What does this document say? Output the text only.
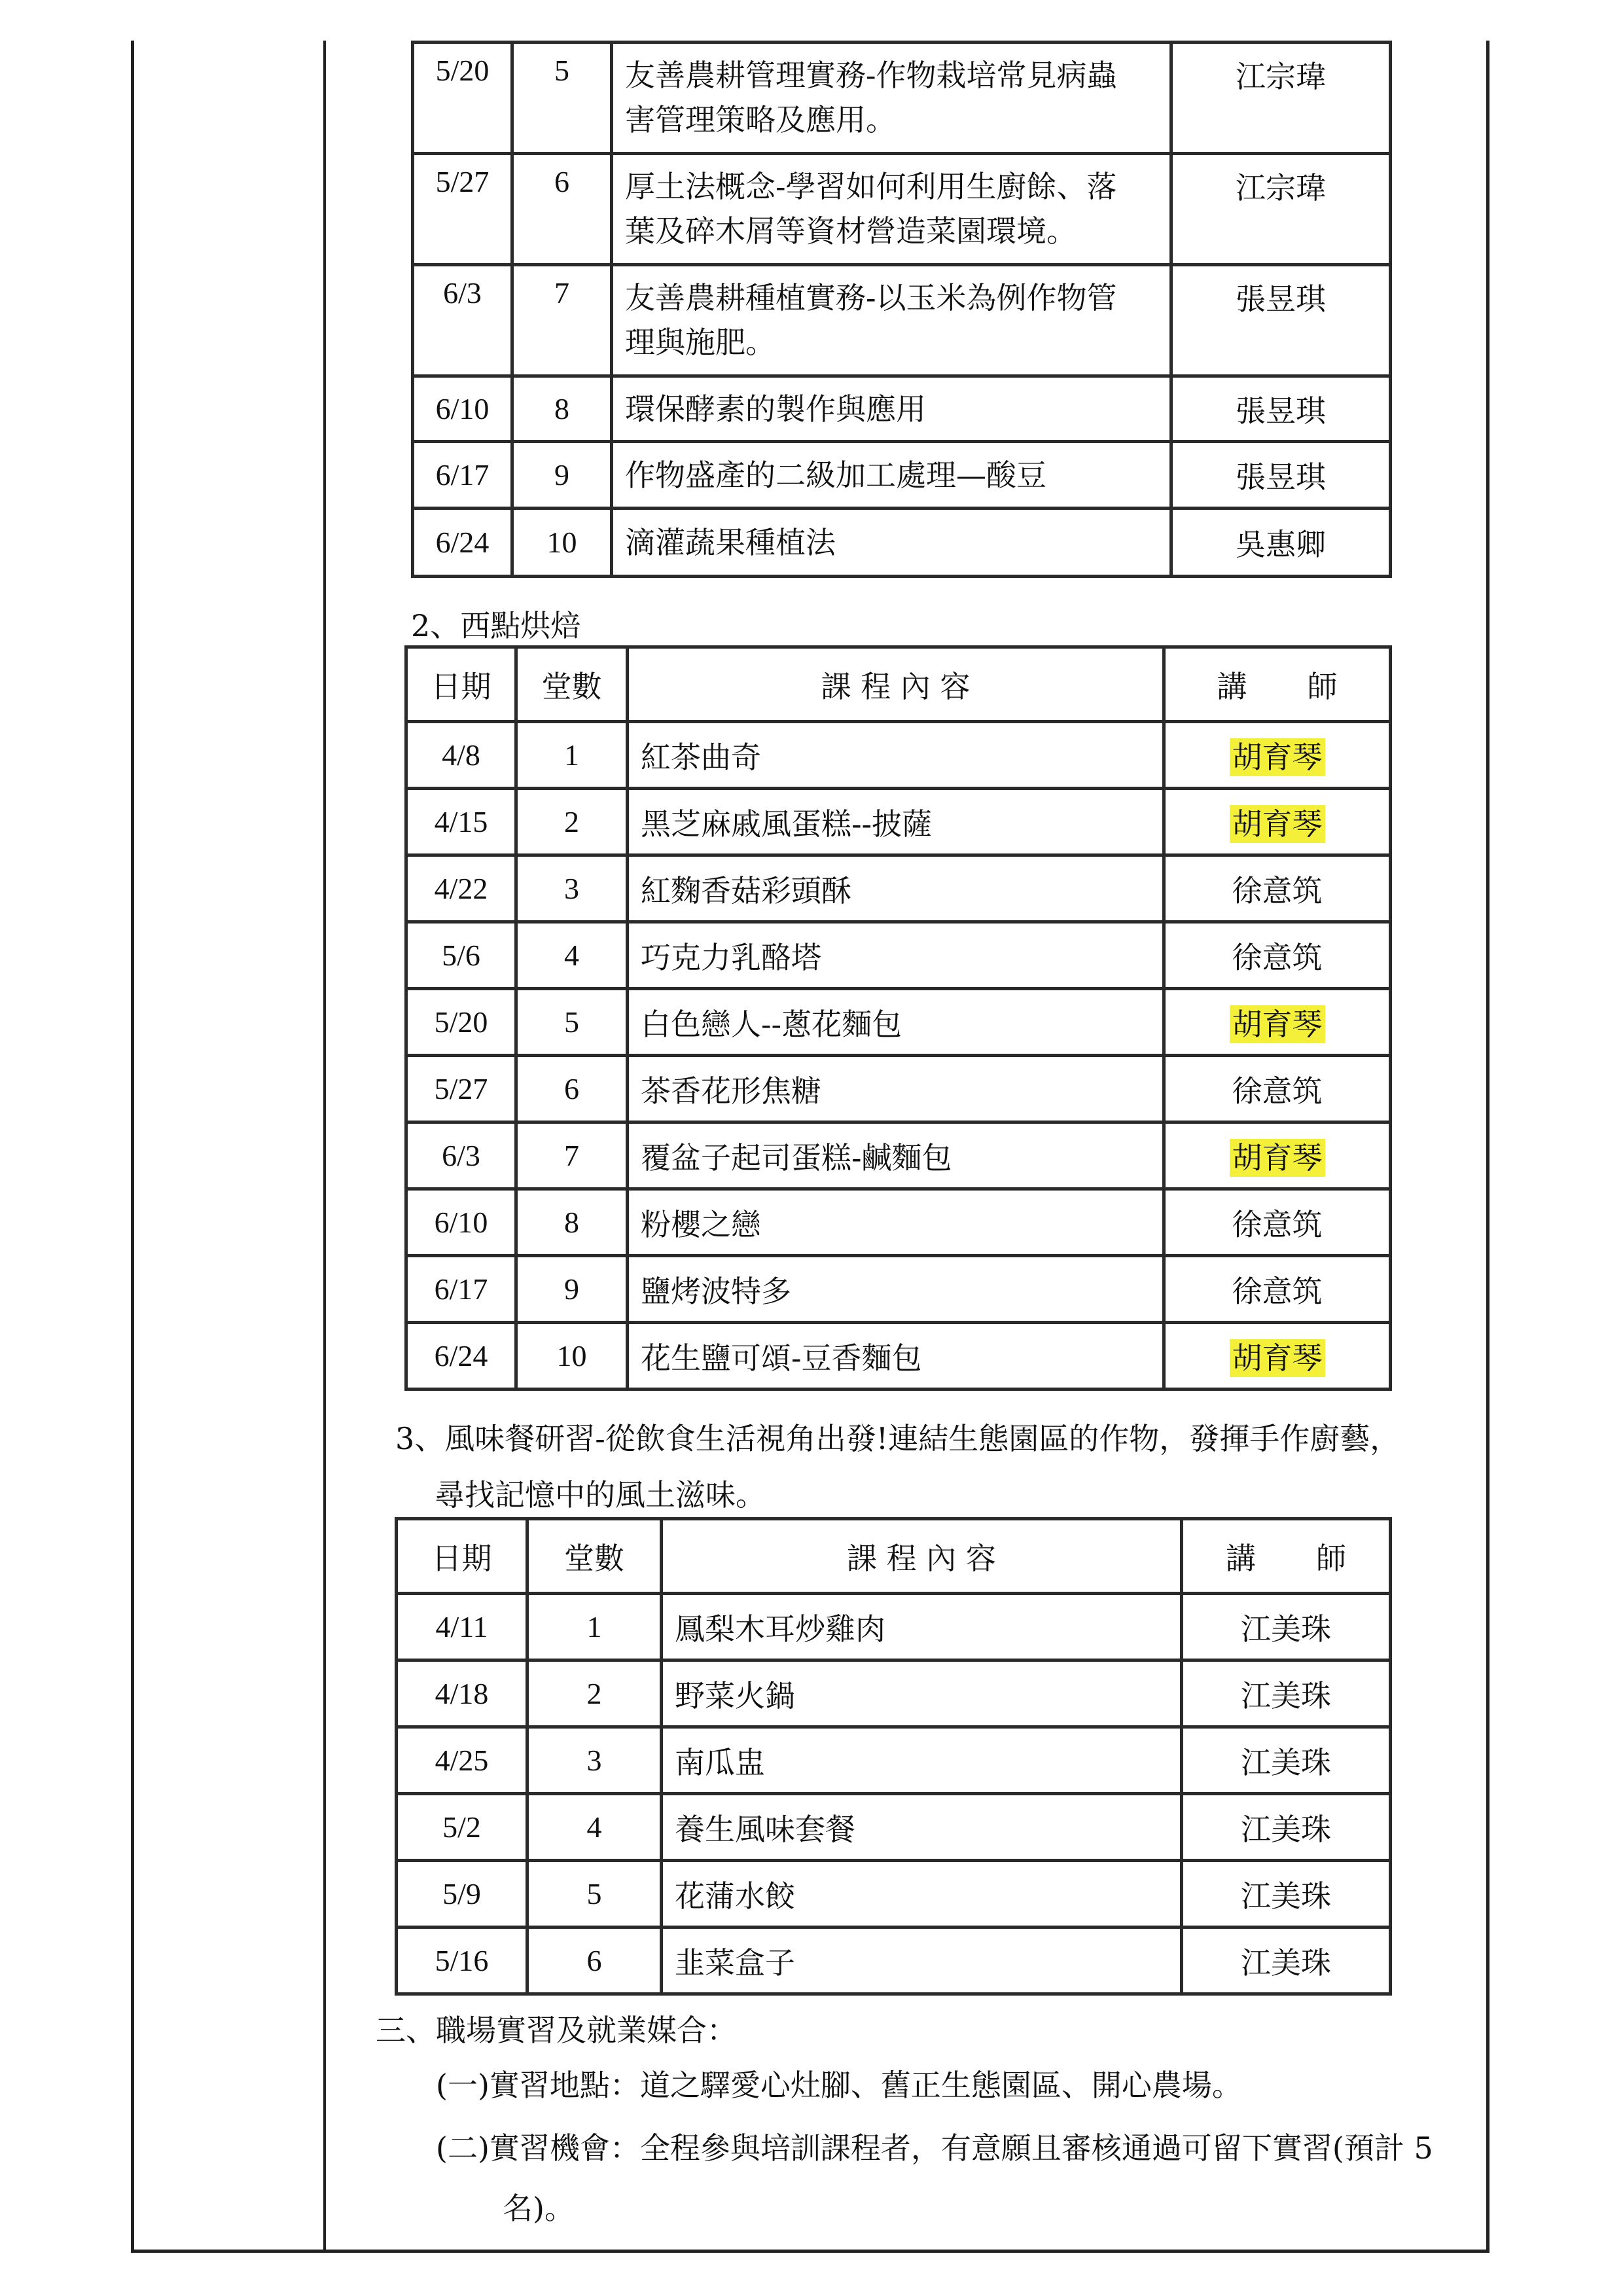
5/20	5	友善農耕管理實務-作物栽培常見病蟲
害管理策略及應用。	江宗瑋
5/27	6	厚土法概念-學習如何利用生廚餘、落
葉及碎木屑等資材營造菜園環境。	江宗瑋
6/3	7	友善農耕種植實務-以玉米為例作物管
理與施肥。	張昱琪
6/10	8	環保酵素的製作與應用	張昱琪
6/17	9	作物盛產的二級加工處理—酸豆	張昱琪
6/24	10	滴灌蔬果種植法	吳惠卿
2、西點烘焙
日期	堂數	課 程 內 容	講　　師
4/8	1	紅茶曲奇	胡育琴
4/15	2	黑芝麻戚風蛋糕--披薩	胡育琴
4/22	3	紅麴香菇彩頭酥	徐意筑
5/6	4	巧克力乳酪塔	徐意筑
5/20	5	白色戀人--蔥花麵包	胡育琴
5/27	6	茶香花形焦糖	徐意筑
6/3	7	覆盆子起司蛋糕-鹹麵包	胡育琴
6/10	8	粉櫻之戀	徐意筑
6/17	9	鹽烤波特多	徐意筑
6/24	10	花生鹽可頌-豆香麵包	胡育琴
3、風味餐研習-從飲食生活視角出發!連結生態園區的作物，發揮手作廚藝，
尋找記憶中的風土滋味。
日期	堂數	課 程 內 容	講　　師
4/11	1	鳳梨木耳炒雞肉	江美珠
4/18	2	野菜火鍋	江美珠
4/25	3	南瓜盅	江美珠
5/2	4	養生風味套餐	江美珠
5/9	5	花蒲水餃	江美珠
5/16	6	韭菜盒子	江美珠
三、職場實習及就業媒合：
(一)實習地點：道之驛愛心灶腳、舊正生態園區、開心農場。
(二)實習機會：全程參與培訓課程者，有意願且審核通過可留下實習(預計 5
名)。
